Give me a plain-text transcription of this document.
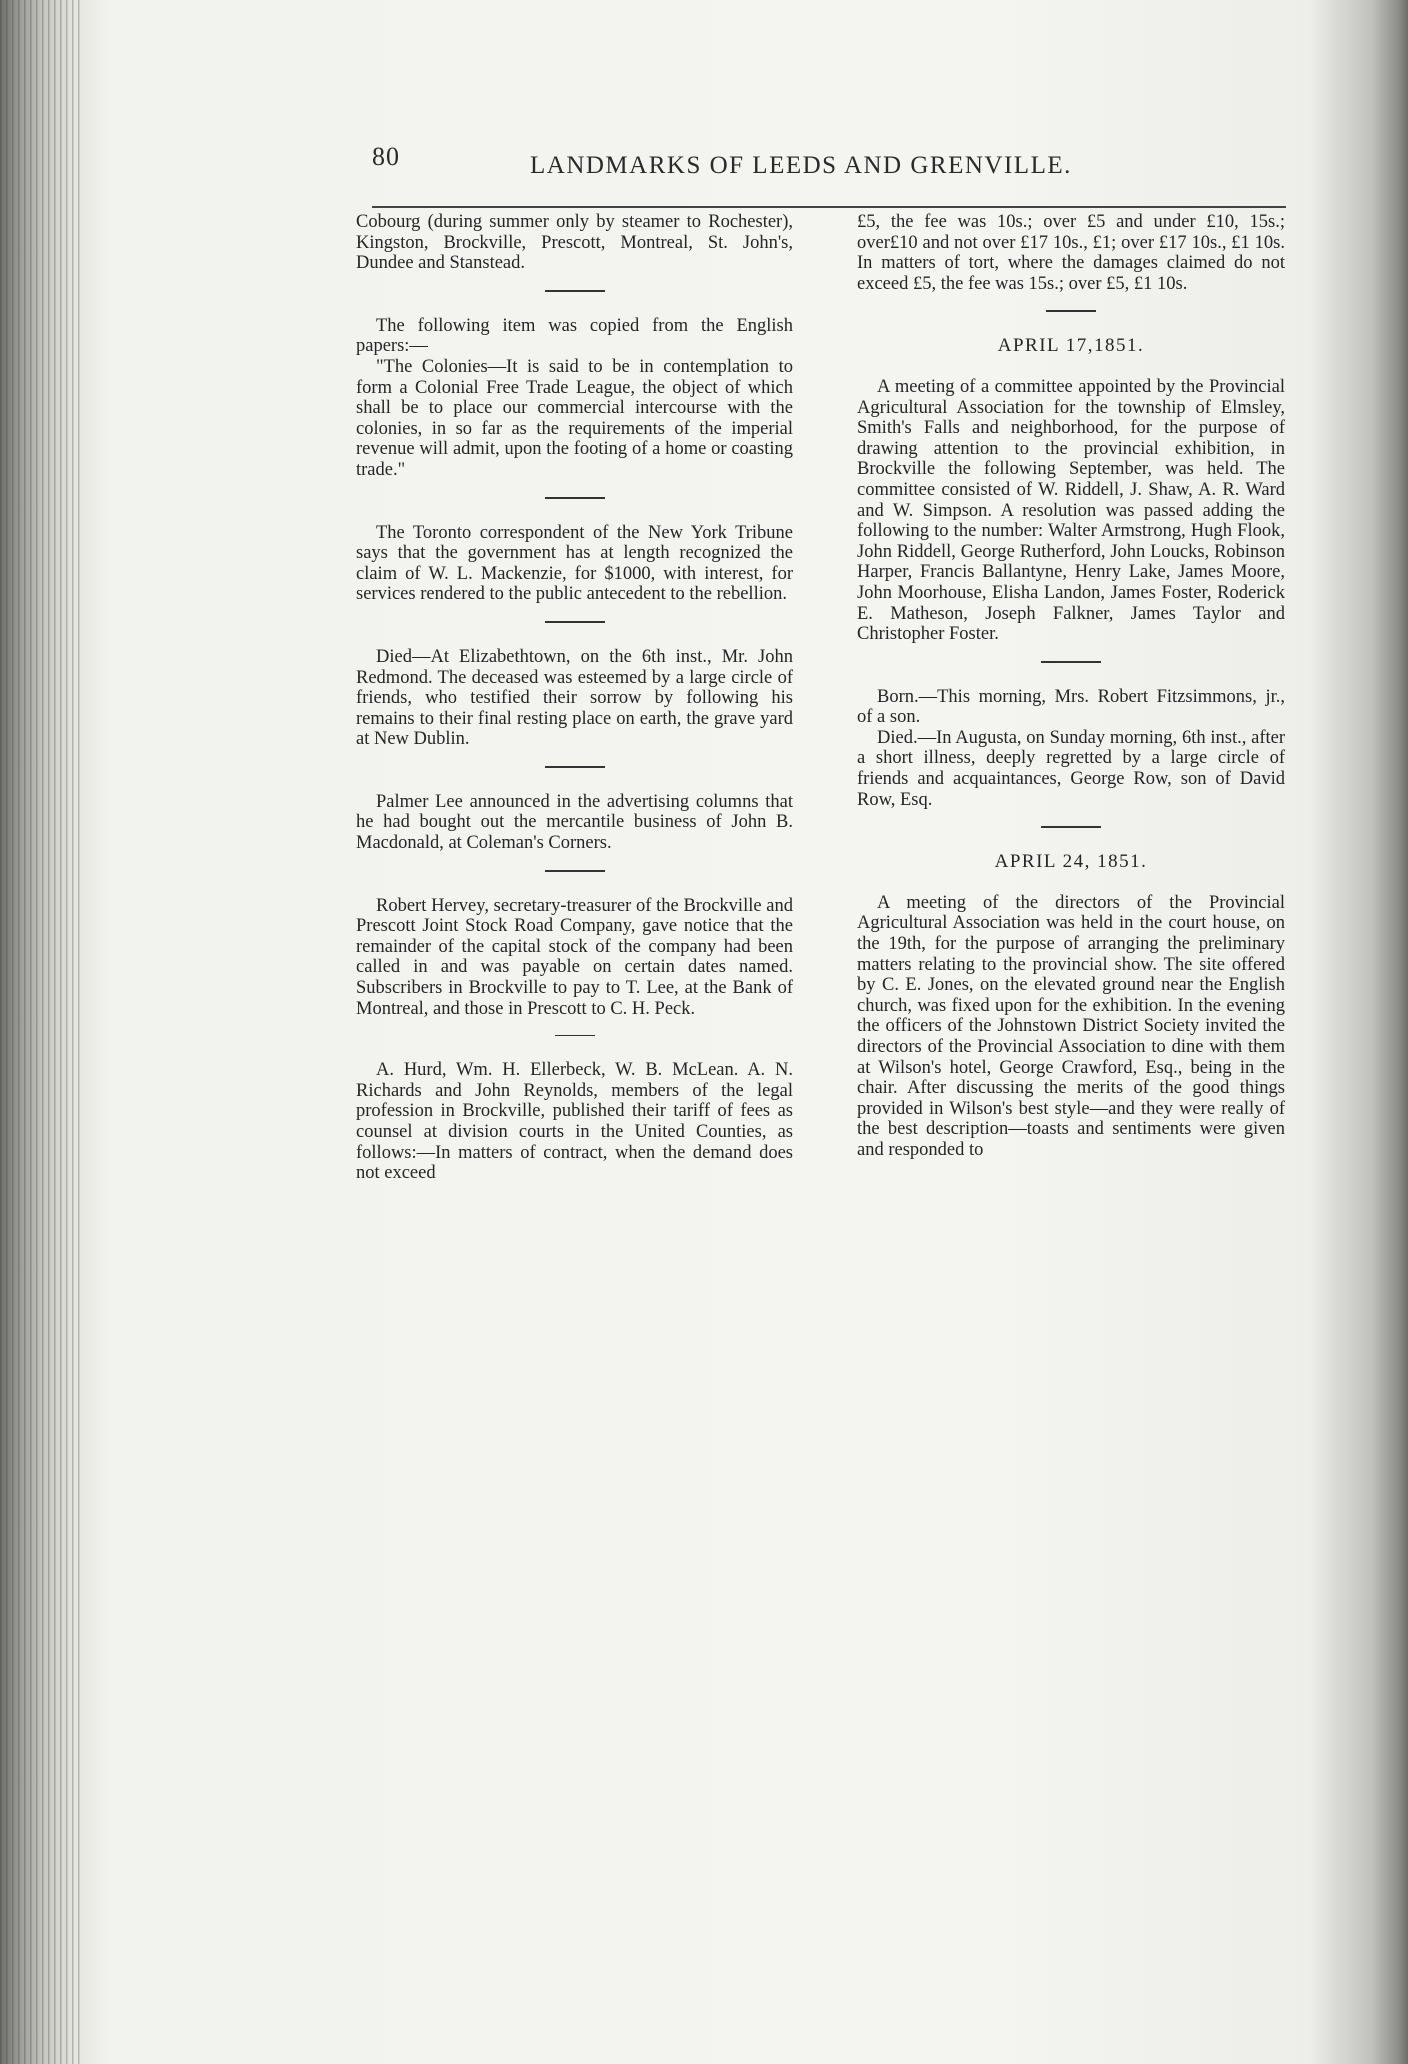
80	LANDMARKS OF LEEDS AND GRENVILLE.

Cobourg (during summer only by steamer to Rochester), Kingston, Brockville, Prescott, Montreal, St. John's, Dundee and Stanstead.

The following item was copied from the English papers:—

"The Colonies—It is said to be in contemplation to form a Colonial Free Trade League, the object of which shall be to place our commercial intercourse with the colonies, in so far as the requirements of the imperial revenue will admit, upon the footing of a home or coasting trade."

The Toronto correspondent of the New York Tribune says that the government has at length recognized the claim of W. L. Mackenzie, for $1000, with interest, for services rendered to the public antecedent to the rebellion.

Died—At Elizabethtown, on the 6th inst., Mr. John Redmond. The deceased was esteemed by a large circle of friends, who testified their sorrow by following his remains to their final resting place on earth, the grave yard at New Dublin.

Palmer Lee announced in the advertising columns that he had bought out the mercantile business of John B. Macdonald, at Coleman's Corners.

Robert Hervey, secretary-treasurer of the Brockville and Prescott Joint Stock Road Company, gave notice that the remainder of the capital stock of the company had been called in and was payable on certain dates named. Subscribers in Brockville to pay to T. Lee, at the Bank of Montreal, and those in Prescott to C. H. Peck.

A. Hurd, Wm. H. Ellerbeck, W. B. McLean. A. N. Richards and John Reynolds, members of the legal profession in Brockville, published their tariff of fees as counsel at division courts in the United Counties, as follows:—In matters of contract, when the demand does not exceed

£5, the fee was 10s.; over £5 and under £10, 15s.; over£10 and not over £17 10s., £1; over £17 10s., £1 10s. In matters of tort, where the damages claimed do not exceed £5, the fee was 15s.; over £5, £1 10s.

APRIL 17,1851.

A meeting of a committee appointed by the Provincial Agricultural Association for the township of Elmsley, Smith's Falls and neighborhood, for the purpose of drawing attention to the provincial exhibition, in Brockville the following September, was held. The committee consisted of W. Riddell, J. Shaw, A. R. Ward and W. Simpson. A resolution was passed adding the following to the number: Walter Armstrong, Hugh Flook, John Riddell, George Rutherford, John Loucks, Robinson Harper, Francis Ballantyne, Henry Lake, James Moore, John Moorhouse, Elisha Landon, James Foster, Roderick E. Matheson, Joseph Falkner, James Taylor and Christopher Foster.

Born.—This morning, Mrs. Robert Fitzsimmons, jr., of a son.

Died.—In Augusta, on Sunday morning, 6th inst., after a short illness, deeply regretted by a large circle of friends and acquaintances, George Row, son of David Row, Esq.

APRIL 24, 1851.

A meeting of the directors of the Provincial Agricultural Association was held in the court house, on the 19th, for the purpose of arranging the preliminary matters relating to the provincial show. The site offered by C. E. Jones, on the elevated ground near the English church, was fixed upon for the exhibition. In the evening the officers of the Johnstown District Society invited the directors of the Provincial Association to dine with them at Wilson's hotel, George Crawford, Esq., being in the chair. After discussing the merits of the good things provided in Wilson's best style—and they were really of the best description—toasts and sentiments were given and responded to
